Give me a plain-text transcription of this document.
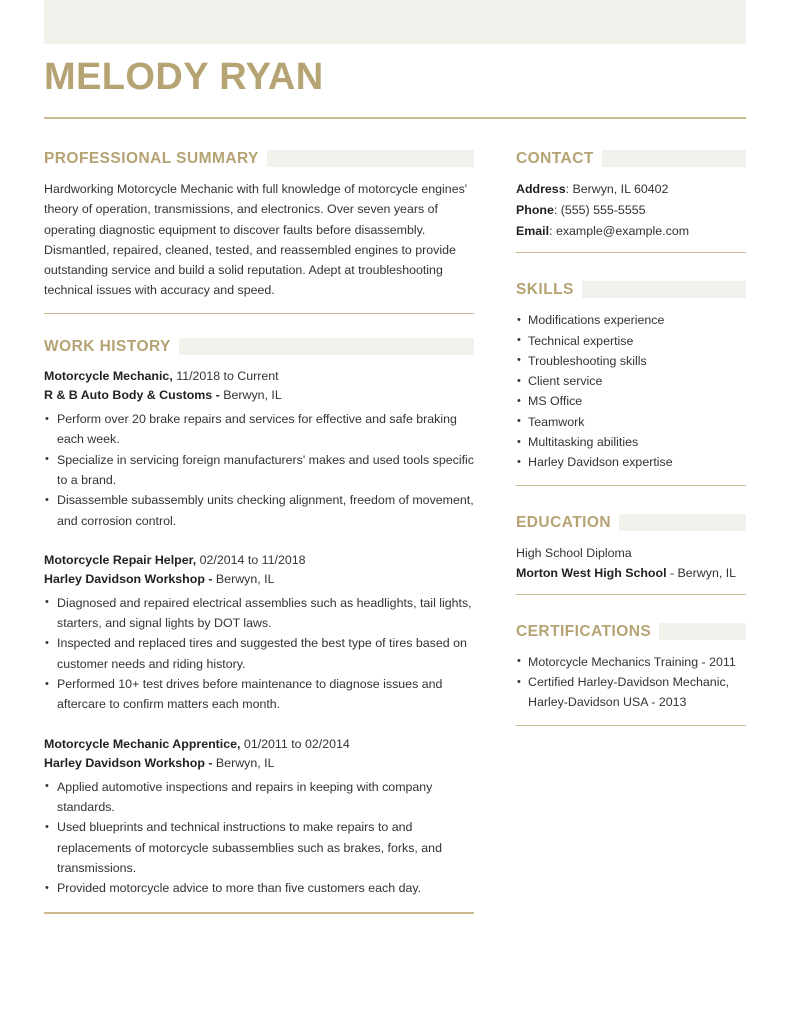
MELODY RYAN
PROFESSIONAL SUMMARY
Hardworking Motorcycle Mechanic with full knowledge of motorcycle engines' theory of operation, transmissions, and electronics. Over seven years of operating diagnostic equipment to discover faults before disassembly. Dismantled, repaired, cleaned, tested, and reassembled engines to provide outstanding service and build a solid reputation. Adept at troubleshooting technical issues with accuracy and speed.
WORK HISTORY
Motorcycle Mechanic, 11/2018 to Current
R & B Auto Body & Customs - Berwyn, IL
• Perform over 20 brake repairs and services for effective and safe braking each week.
• Specialize in servicing foreign manufacturers' makes and used tools specific to a brand.
• Disassemble subassembly units checking alignment, freedom of movement, and corrosion control.
Motorcycle Repair Helper, 02/2014 to 11/2018
Harley Davidson Workshop - Berwyn, IL
• Diagnosed and repaired electrical assemblies such as headlights, tail lights, starters, and signal lights by DOT laws.
• Inspected and replaced tires and suggested the best type of tires based on customer needs and riding history.
• Performed 10+ test drives before maintenance to diagnose issues and aftercare to confirm matters each month.
Motorcycle Mechanic Apprentice, 01/2011 to 02/2014
Harley Davidson Workshop - Berwyn, IL
• Applied automotive inspections and repairs in keeping with company standards.
• Used blueprints and technical instructions to make repairs to and replacements of motorcycle subassemblies such as brakes, forks, and transmissions.
• Provided motorcycle advice to more than five customers each day.
CONTACT
Address: Berwyn, IL 60402
Phone: (555) 555-5555
Email: example@example.com
SKILLS
• Modifications experience
• Technical expertise
• Troubleshooting skills
• Client service
• MS Office
• Teamwork
• Multitasking abilities
• Harley Davidson expertise
EDUCATION
High School Diploma
Morton West High School - Berwyn, IL
CERTIFICATIONS
• Motorcycle Mechanics Training - 2011
• Certified Harley-Davidson Mechanic, Harley-Davidson USA - 2013
